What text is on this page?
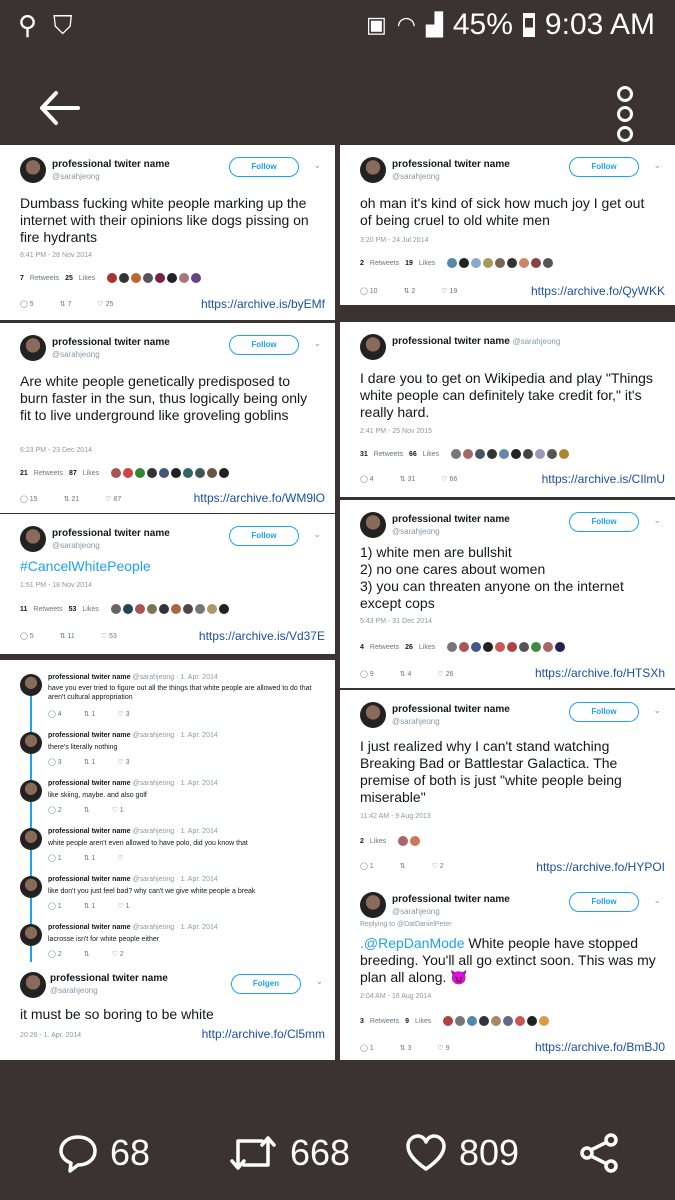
⚲ ⛉	▣ ◠ ▟ 45% 9:03 AM
professional twiter name
@sarahjeong
Follow	⌄
Dumbass fucking white people marking up the internet with their opinions like dogs pissing on fire hydrants
8:41 PM - 28 Nov 2014
7 Retweets 25 Likes
◯ 5	⇅ 7	♡ 25	https://archive.is/byEMf
professional twiter name
@sarahjeong
Follow	⌄
oh man it's kind of sick how much joy I get out of being cruel to old white men
3:20 PM - 24 Jul 2014
2 Retweets 19 Likes
◯ 10	⇅ 2	♡ 19	https://archive.fo/QyWKK
professional twiter name
@sarahjeong
Follow	⌄
Are white people genetically predisposed to burn faster in the sun, thus logically being only fit to live underground like groveling goblins
6:23 PM - 23 Dec 2014
21 Retweets 87 Likes
◯ 15	⇅ 21	♡ 87	https://archive.fo/WM9lO
professional twiter name @sarahjeong
I dare you to get on Wikipedia and play "Things white people can definitely take credit for," it's really hard.
2:41 PM - 25 Nov 2015
31 Retweets 66 Likes
◯ 4	⇅ 31	♡ 66	https://archive.is/CIlmU
professional twiter name
@sarahjeong
Follow	⌄
#CancelWhitePeople
1:51 PM - 18 Nov 2014
11 Retweets 53 Likes
◯ 5	⇅ 11	♡ 53	https://archive.is/Vd37E
professional twiter name
@sarahjeong
Follow	⌄
1) white men are bullshit
2) no one cares about women
3) you can threaten anyone on the internet except cops
5:43 PM - 31 Dec 2014
4 Retweets 26 Likes
◯ 9	⇅ 4	♡ 26	https://archive.fo/HTSXh
professional twiter name @sarahjeong · 1. Apr. 2014
have you ever tried to figure out all the things that white people are allowed to do that aren't cultural appropriation
◯ 4	⇅ 1	♡ 3
professional twiter name @sarahjeong · 1. Apr. 2014
there's literally nothing
◯ 3	⇅ 1	♡ 3
professional twiter name @sarahjeong · 1. Apr. 2014
like skiing, maybe. and also golf
◯ 2	⇅	♡ 1
professional twiter name @sarahjeong · 1. Apr. 2014
white people aren't even allowed to have polo, did you know that
◯ 1	⇅ 1	♡
professional twiter name @sarahjeong · 1. Apr. 2014
like don't you just feel bad? why can't we give white people a break
◯ 1	⇅ 1	♡ 1
professional twiter name @sarahjeong · 1. Apr. 2014
lacrosse isn't for white people either
◯ 2	⇅	♡ 2
professional twiter name
@sarahjeong
Folgen	⌄
it must be so boring to be white
20:26 - 1. Apr. 2014	http://archive.fo/Cl5mm
professional twiter name
@sarahjeong
Follow	⌄
I just realized why I can't stand watching Breaking Bad or Battlestar Galactica. The premise of both is just "white people being miserable"
11:42 AM - 9 Aug 2013
2 Likes
◯ 1	⇅	♡ 2	https://archive.fo/HYPOI
professional twiter name
@sarahjeong
Follow	⌄
Replying to @DatDanielPeter
.@RepDanMode White people have stopped breeding. You'll all go extinct soon. This was my plan all along. 😈
2:04 AM - 16 Aug 2014
3 Retweets 9 Likes
◯ 1	⇅ 3	♡ 9	https://archive.fo/BmBJ0
68	668	809
